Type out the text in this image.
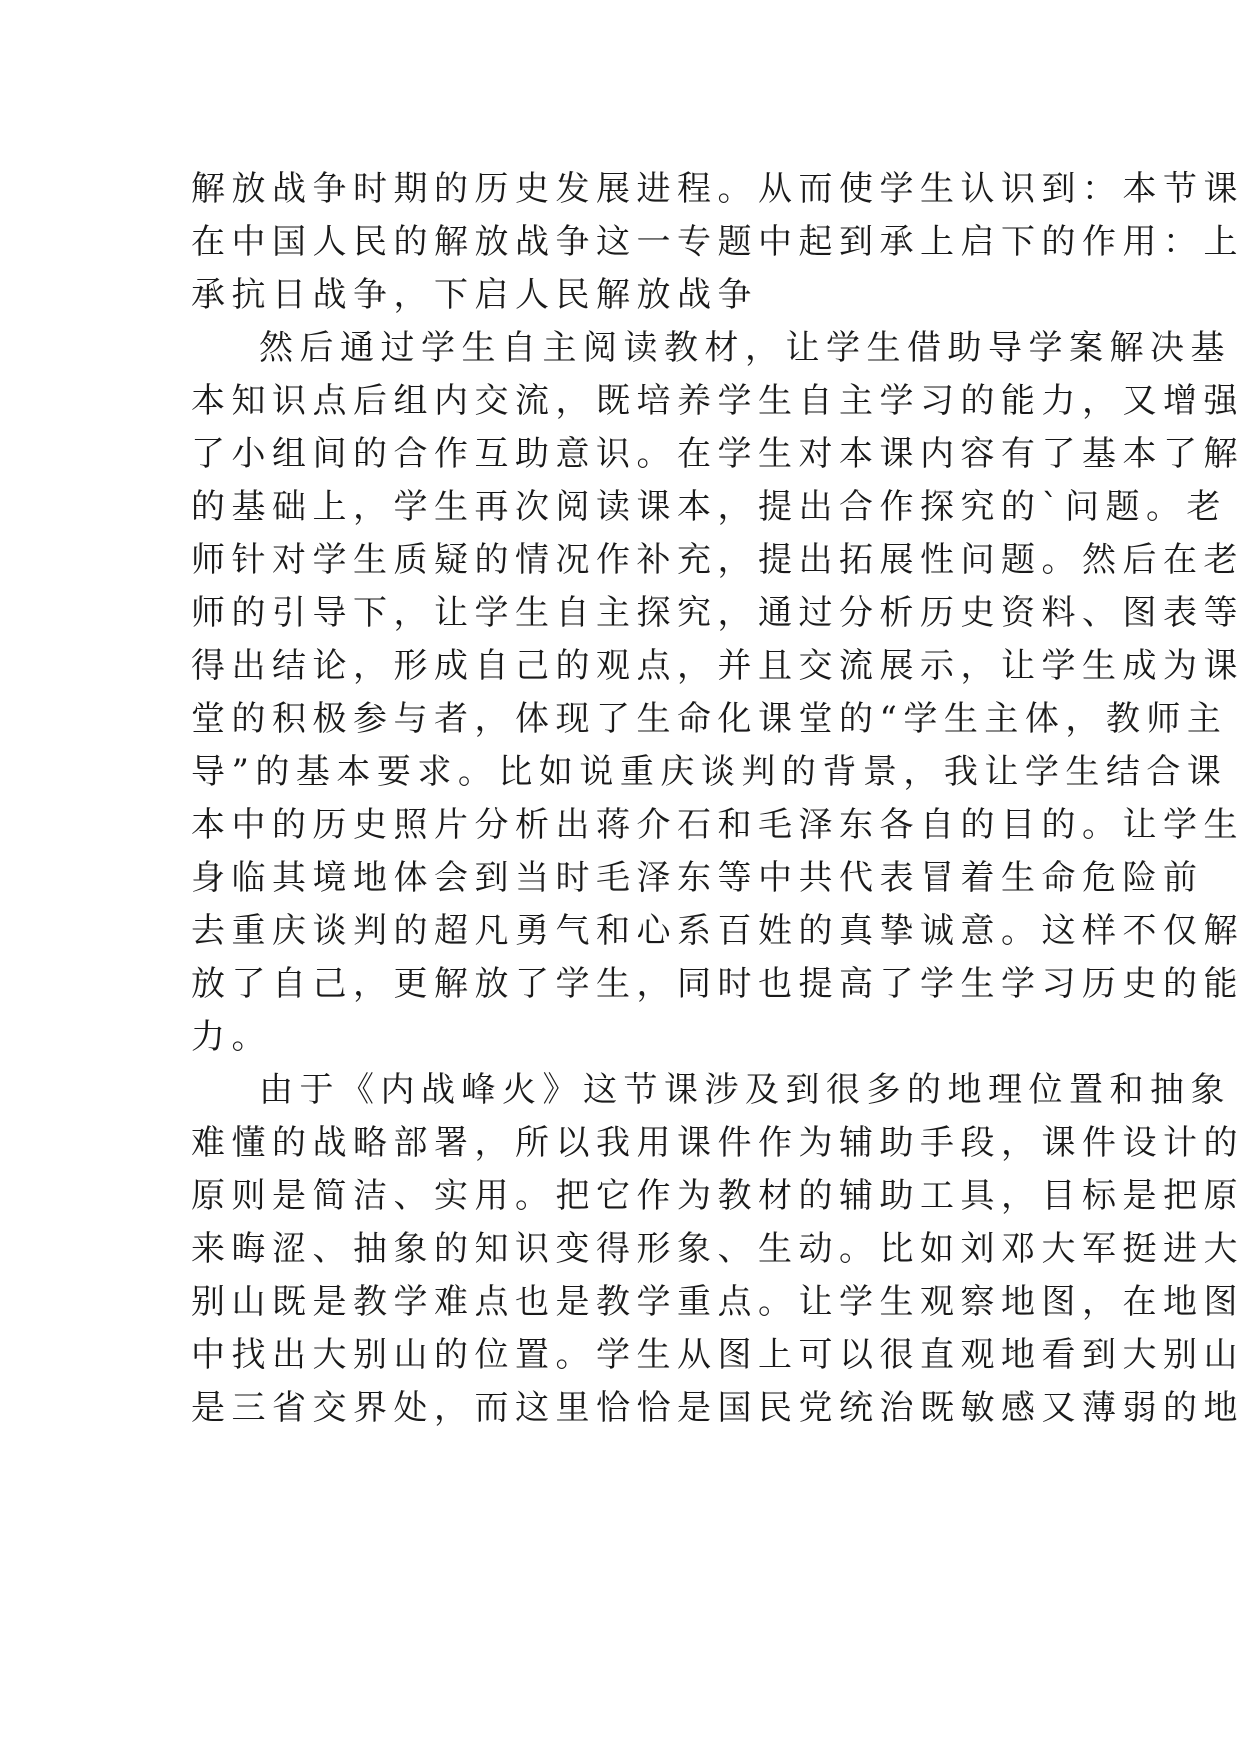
解放战争时期的历史发展进程。从而使学生认识到：本节课
在中国人民的解放战争这一专题中起到承上启下的作用：上
承抗日战争，下启人民解放战争

然后通过学生自主阅读教材，让学生借助导学案解决基
本知识点后组内交流，既培养学生自主学习的能力，又增强
了小组间的合作互助意识。在学生对本课内容有了基本了解
的基础上，学生再次阅读课本，提出合作探究的`问题。老
师针对学生质疑的情况作补充，提出拓展性问题。然后在老
师的引导下，让学生自主探究，通过分析历史资料、图表等
得出结论，形成自己的观点，并且交流展示，让学生成为课
堂的积极参与者，体现了生命化课堂的“学生主体，教师主
导”的基本要求。比如说重庆谈判的背景，我让学生结合课
本中的历史照片分析出蒋介石和毛泽东各自的目的。让学生
身临其境地体会到当时毛泽东等中共代表冒着生命危险前
去重庆谈判的超凡勇气和心系百姓的真挚诚意。这样不仅解
放了自己，更解放了学生，同时也提高了学生学习历史的能
力。

由于《内战峰火》这节课涉及到很多的地理位置和抽象
难懂的战略部署，所以我用课件作为辅助手段，课件设计的
原则是简洁、实用。把它作为教材的辅助工具，目标是把原
来晦涩、抽象的知识变得形象、生动。比如刘邓大军挺进大
别山既是教学难点也是教学重点。让学生观察地图，在地图
中找出大别山的位置。学生从图上可以很直观地看到大别山
是三省交界处，而这里恰恰是国民党统治既敏感又薄弱的地
